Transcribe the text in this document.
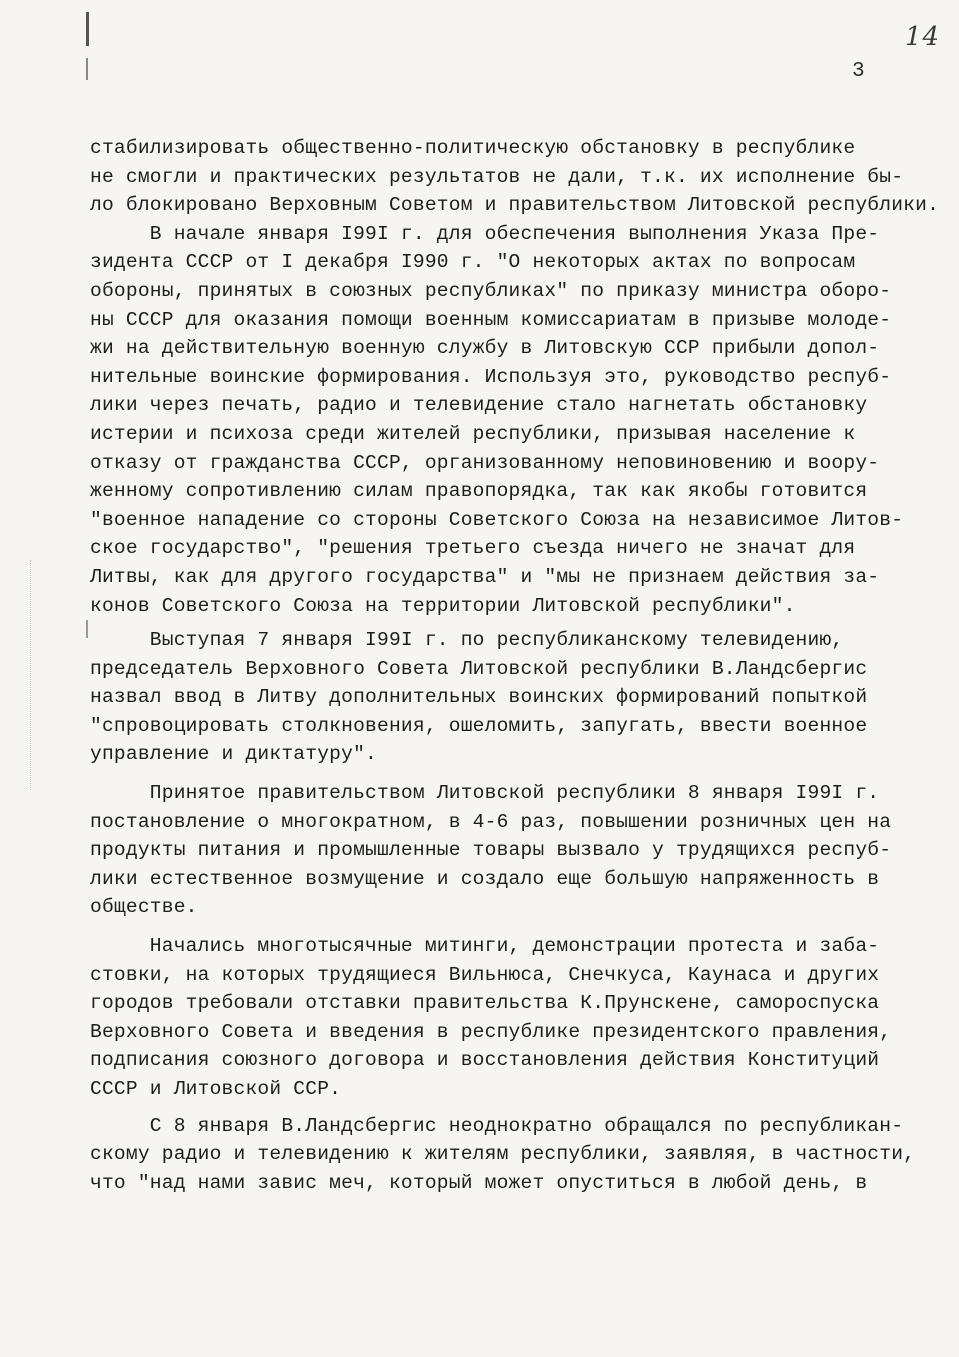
14
3
стабилизировать общественно-политическую обстановку в республике
не смогли и практических результатов не дали, т.к. их исполнение бы-
ло блокировано Верховным Советом и правительством Литовской республики.
В начале января I99I г. для обеспечения выполнения Указа Пре-
зидента СССР от I декабря I990 г. "О некоторых актах по вопросам
обороны, принятых в союзных республиках" по приказу министра оборо-
ны СССР для оказания помощи военным комиссариатам в призыве молоде-
жи на действительную военную службу в Литовскую ССР прибыли допол-
нительные воинские формирования. Используя это, руководство респуб-
лики через печать, радио и телевидение стало нагнетать обстановку
истерии и психоза среди жителей республики, призывая население к
отказу от гражданства СССР, организованному неповиновению и вooру-
женному сопротивлению силам правопорядка, так как якобы готовится
"военное нападение со стороны Советского Союза на независимое Литов-
ское государство", "решения третьего съезда ничего не значат для
Литвы, как для другого государства" и "мы не признаем действия за-
конов Советского Союза на территории Литовской республики".
Выступая 7 января I99I г. по республиканскому телевидению,
председатель Верховного Совета Литовской республики В.Ландсбергис
назвал ввод в Литву дополнительных воинских формирований попыткой
"спровоцировать столкновения, ошеломить, запугать, ввести военное
управление и диктатуру".
Принятое правительством Литовской республики 8 января I99I г.
постановление о многократном, в 4-6 раз, повышении розничных цен на
продукты питания и промышленные товары вызвало у трудящихся респуб-
лики естественное возмущение и создало еще большую напряженность в
обществе.
Начались многотысячные митинги, демонстрации протеста и заба-
стовки, на которых трудящиеся Вильнюса, Снечкуса, Каунаса и других
городов требовали отставки правительства К.Прунскене, самороспуска
Верховного Совета и введения в республике президентского правления,
подписания союзного договора и восстановления действия Конституций
СССР и Литовской ССР.
С 8 января В.Ландсбергис неоднократно обращался по республикан-
скому радио и телевидению к жителям республики, заявляя, в частности,
что "над нами завис меч, который может опуститься в любой день, в
